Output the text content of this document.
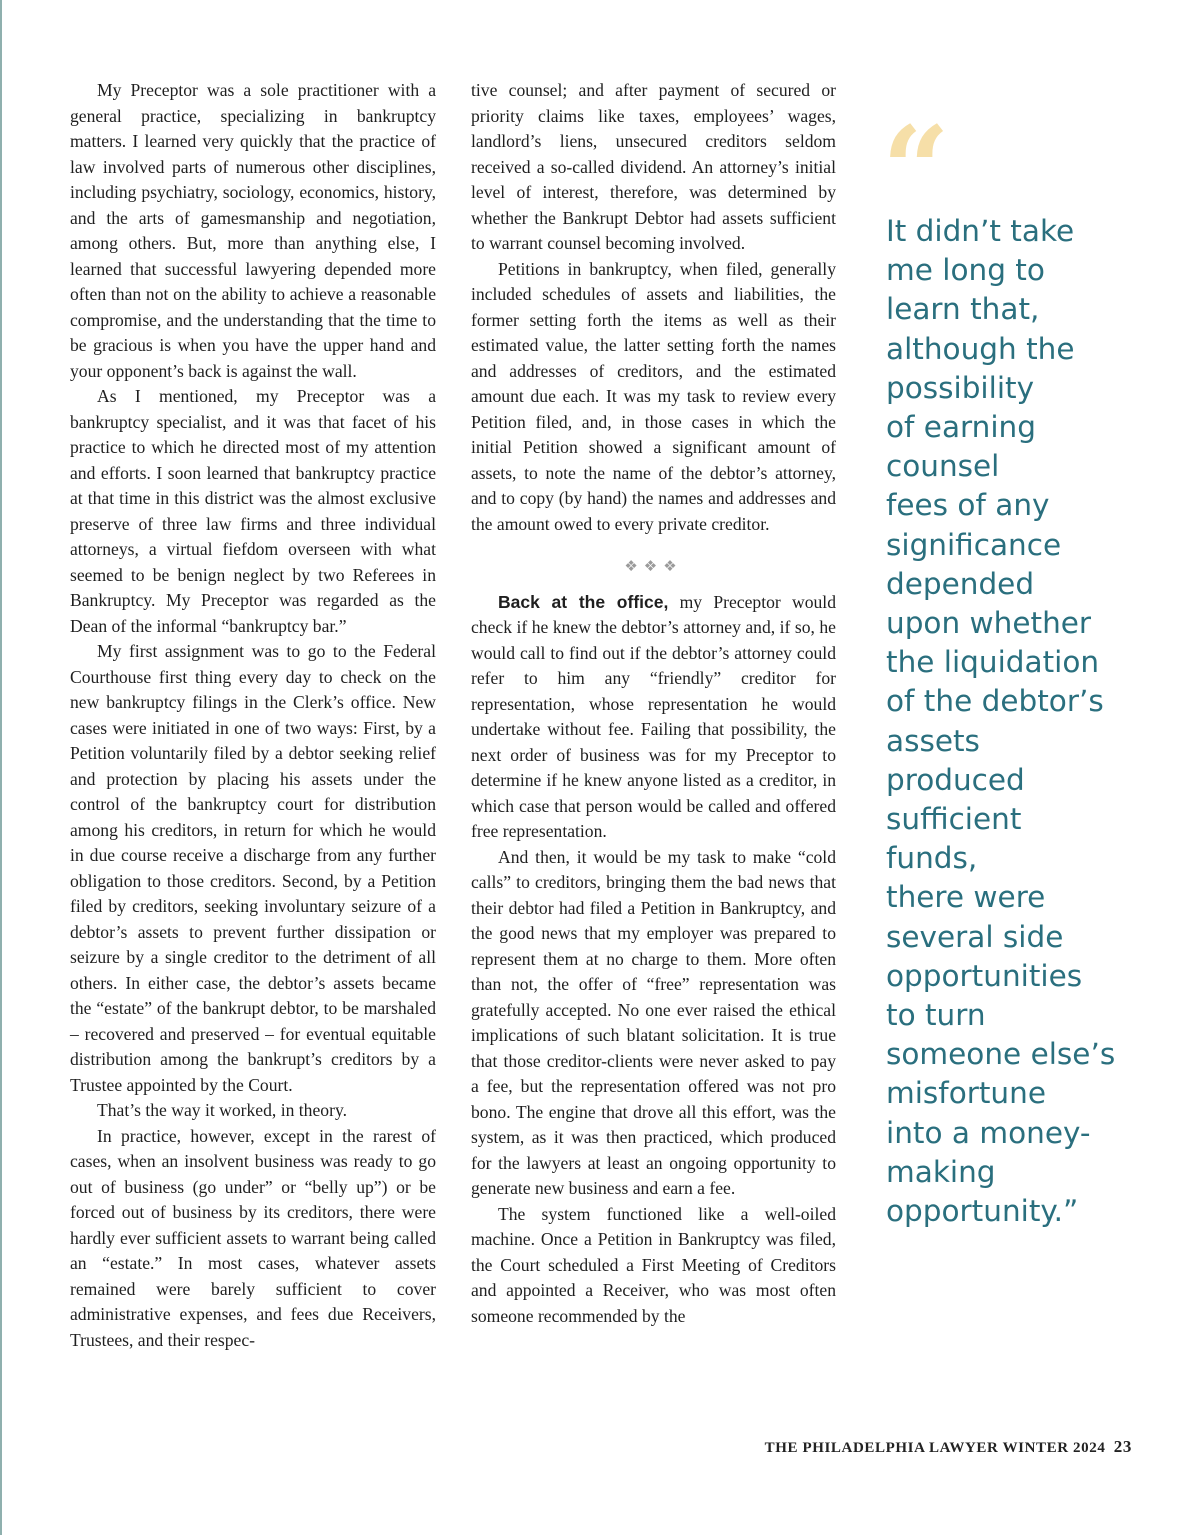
My Preceptor was a sole practitioner with a general practice, specializing in bankruptcy matters. I learned very quickly that the practice of law involved parts of numerous other disciplines, including psychiatry, sociology, economics, history, and the arts of gamesmanship and negotiation, among others. But, more than anything else, I learned that successful lawyering depended more often than not on the ability to achieve a reasonable compromise, and the understanding that the time to be gracious is when you have the upper hand and your opponent’s back is against the wall.

As I mentioned, my Preceptor was a bankruptcy specialist, and it was that facet of his practice to which he directed most of my attention and efforts. I soon learned that bankruptcy practice at that time in this district was the almost exclusive preserve of three law firms and three individual attorneys, a virtual fiefdom overseen with what seemed to be benign neglect by two Referees in Bankruptcy. My Preceptor was regarded as the Dean of the informal “bankruptcy bar.”

My first assignment was to go to the Federal Courthouse first thing every day to check on the new bankruptcy filings in the Clerk’s office. New cases were initiated in one of two ways: First, by a Petition voluntarily filed by a debtor seeking relief and protection by placing his assets under the control of the bankruptcy court for distribution among his creditors, in return for which he would in due course receive a discharge from any further obligation to those creditors. Second, by a Petition filed by creditors, seeking involuntary seizure of a debtor’s assets to prevent further dissipation or seizure by a single creditor to the detriment of all others. In either case, the debtor’s assets became the “estate” of the bankrupt debtor, to be marshaled – recovered and preserved – for eventual equitable distribution among the bankrupt’s creditors by a Trustee appointed by the Court.

That’s the way it worked, in theory.

In practice, however, except in the rarest of cases, when an insolvent business was ready to go out of business (go under” or “belly up”) or be forced out of business by its creditors, there were hardly ever sufficient assets to warrant being called an “estate.” In most cases, whatever assets remained were barely sufficient to cover administrative expenses, and fees due Receivers, Trustees, and their respec-

tive counsel; and after payment of secured or priority claims like taxes, employees’ wages, landlord’s liens, unsecured creditors seldom received a so-called dividend. An attorney’s initial level of interest, therefore, was determined by whether the Bankrupt Debtor had assets sufficient to warrant counsel becoming involved.

Petitions in bankruptcy, when filed, generally included schedules of assets and liabilities, the former setting forth the items as well as their estimated value, the latter setting forth the names and addresses of creditors, and the estimated amount due each. It was my task to review every Petition filed, and, in those cases in which the initial Petition showed a significant amount of assets, to note the name of the debtor’s attorney, and to copy (by hand) the names and addresses and the amount owed to every private creditor.

❖❖❖

Back at the office, my Preceptor would check if he knew the debtor’s attorney and, if so, he would call to find out if the debtor’s attorney could refer to him any “friendly” creditor for representation, whose representation he would undertake without fee. Failing that possibility, the next order of business was for my Preceptor to determine if he knew anyone listed as a creditor, in which case that person would be called and offered free representation.

And then, it would be my task to make “cold calls” to creditors, bringing them the bad news that their debtor had filed a Petition in Bankruptcy, and the good news that my employer was prepared to represent them at no charge to them. More often than not, the offer of “free” representation was gratefully accepted. No one ever raised the ethical implications of such blatant solicitation. It is true that those creditor-clients were never asked to pay a fee, but the representation offered was not pro bono. The engine that drove all this effort, was the system, as it was then practiced, which produced for the lawyers at least an ongoing opportunity to generate new business and earn a fee.

The system functioned like a well-oiled machine. Once a Petition in Bankruptcy was filed, the Court scheduled a First Meeting of Creditors and appointed a Receiver, who was most often someone recommended by the

“
It didn’t take
me long to
learn that,
although the
possibility
of earning
counsel
fees of any
significance
depended
upon whether
the liquidation
of the debtor’s
assets
produced
sufficient
funds,
there were
several side
opportunities
to turn
someone else’s
misfortune
into a money-
making
opportunity.”
THE PHILADELPHIA LAWYER WINTER 2024 23
